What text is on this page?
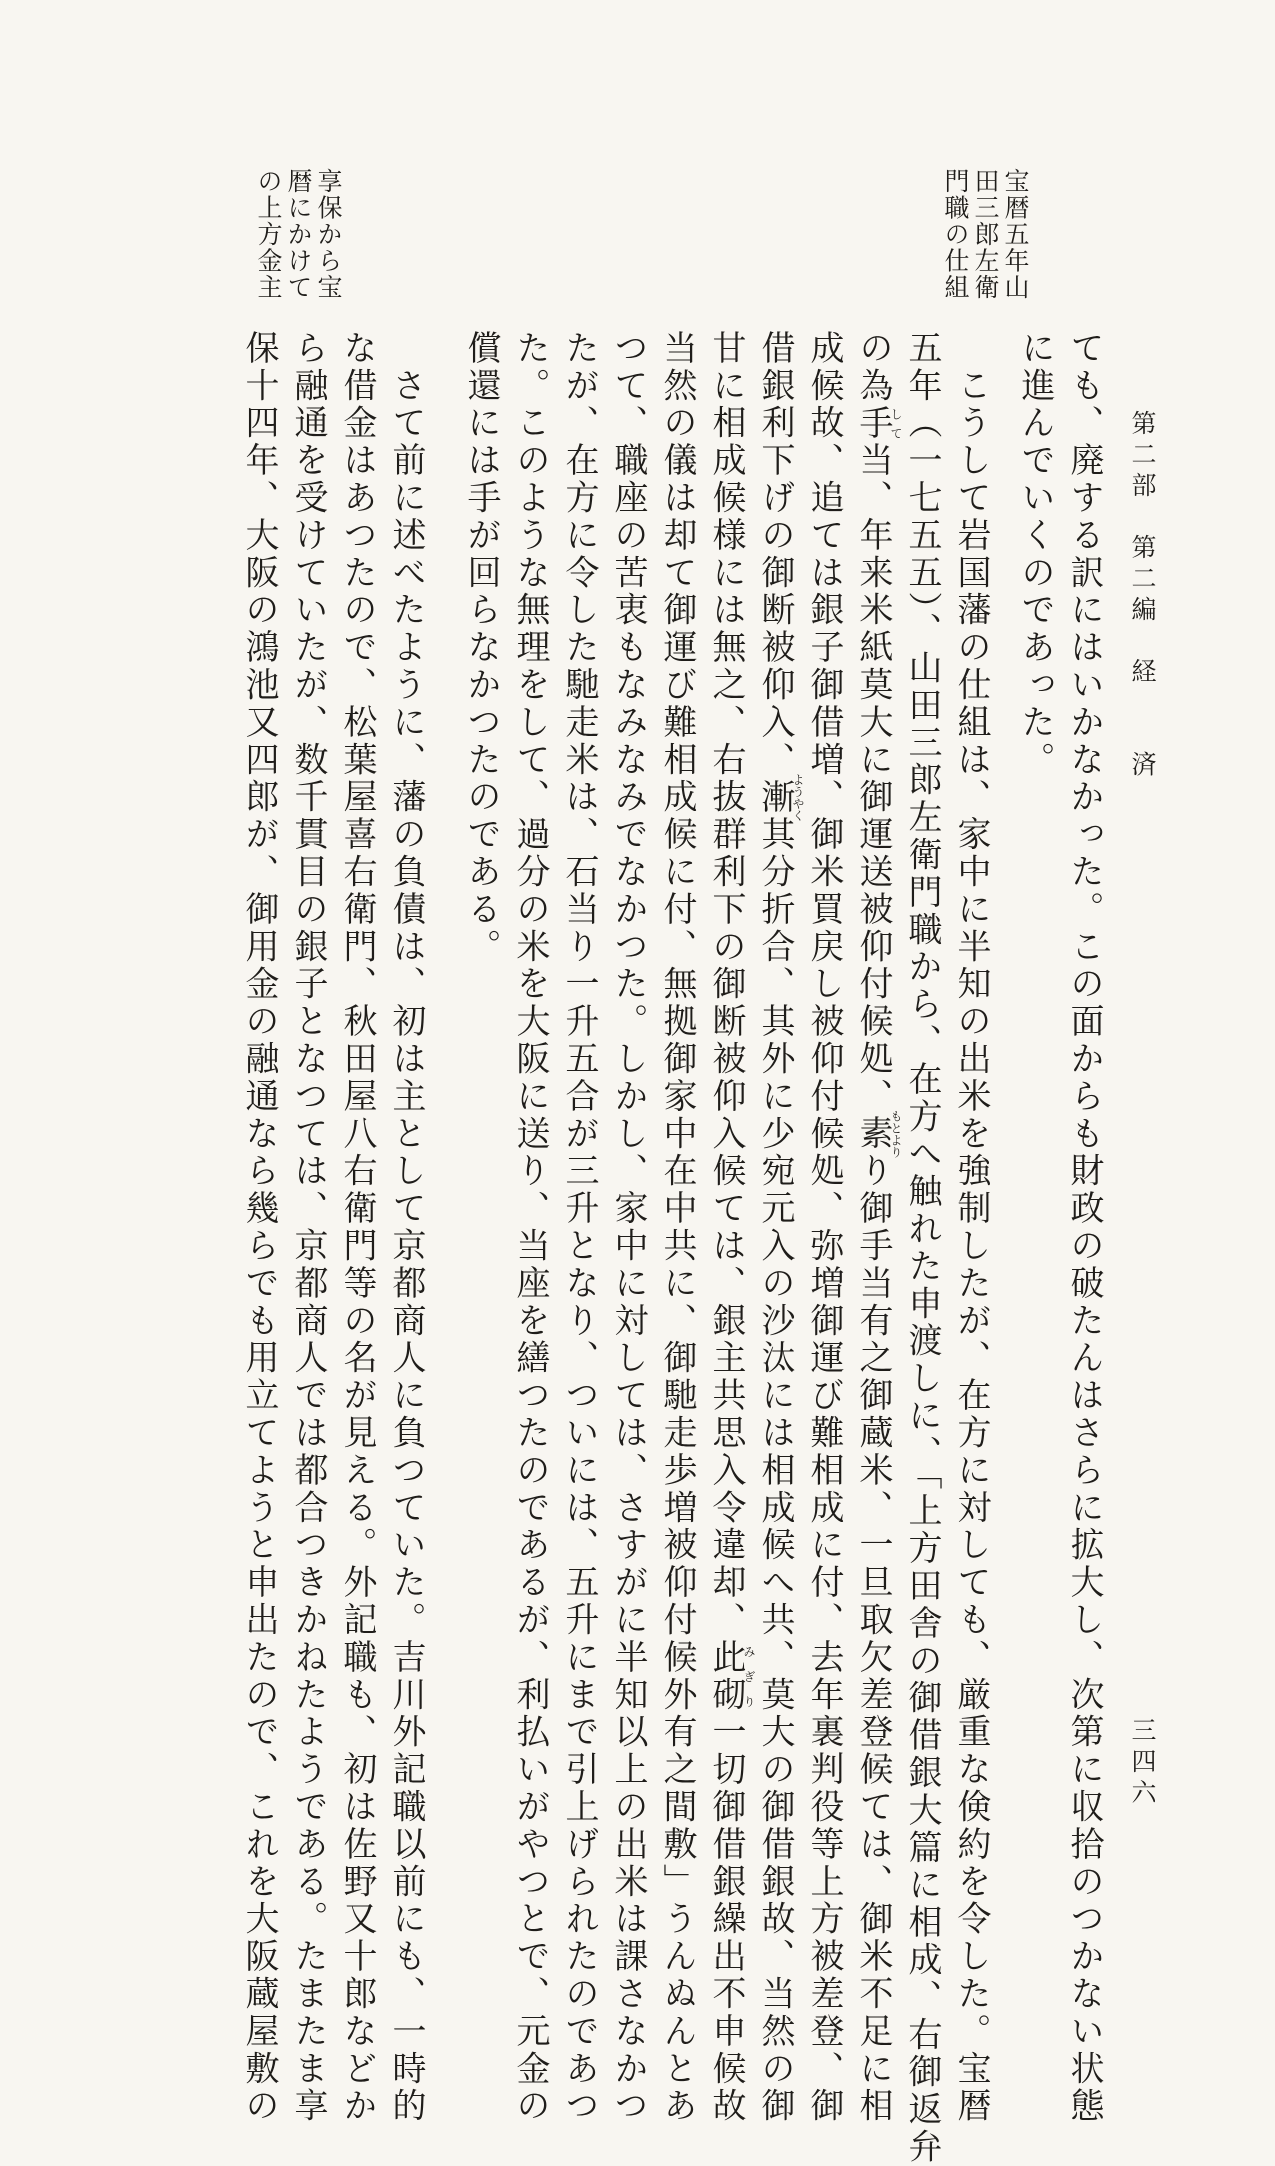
第二部　第二編　経　　済
三四六
宝暦五年山
田三郎左衛
門職の仕組
享保から宝
暦にかけて
の上方金主
ても、廃する訳にはいかなかった。この面からも財政の破たんはさらに拡大し、次第に収拾のつかない状態
に進んでいくのであった。
　こうして岩国藩の仕組は、家中に半知の出米を強制したが、在方に対しても、厳重な倹約を令した。宝暦
五年（一七五五）、山田三郎左衛門職から、在方へ触れた申渡しに、「上方田舎の御借銀大篇に相成、右御返弁
の為手して当、年来米紙莫大に御運送被仰付候処、素もとよりり御手当有之御蔵米、一旦取欠差登候ては、御米不足に相
成候故、追ては銀子御借増、御米買戻し被仰付候処、弥増御運び難相成に付、去年裏判役等上方被差登、御
借銀利下げの御断被仰入、漸ようやく其分折合、其外に少宛元入の沙汰には相成候へ共、莫大の御借銀故、当然の御
甘に相成候様には無之、右抜群利下の御断被仰入候ては、銀主共思入令違却、此砌みぎり一切御借銀繰出不申候故
当然の儀は却て御運び難相成候に付、無拠御家中在中共に、御馳走歩増被仰付候外有之間敷」うんぬんとあ
つて、職座の苦衷もなみなみでなかつた。しかし、家中に対しては、さすがに半知以上の出米は課さなかつ
たが、在方に令した馳走米は、石当り一升五合が三升となり、ついには、五升にまで引上げられたのであつ
た。このような無理をして、過分の米を大阪に送り、当座を繕つたのであるが、利払いがやつとで、元金の
償還には手が回らなかつたのである。
　さて前に述べたように、藩の負債は、初は主として京都商人に負つていた。吉川外記職以前にも、一時的
な借金はあつたので、松葉屋喜右衛門、秋田屋八右衛門等の名が見える。外記職も、初は佐野又十郎などか
ら融通を受けていたが、数千貫目の銀子となつては、京都商人では都合つきかねたようである。たまたま享
保十四年、大阪の鴻池又四郎が、御用金の融通なら幾らでも用立てようと申出たので、これを大阪蔵屋敷の
